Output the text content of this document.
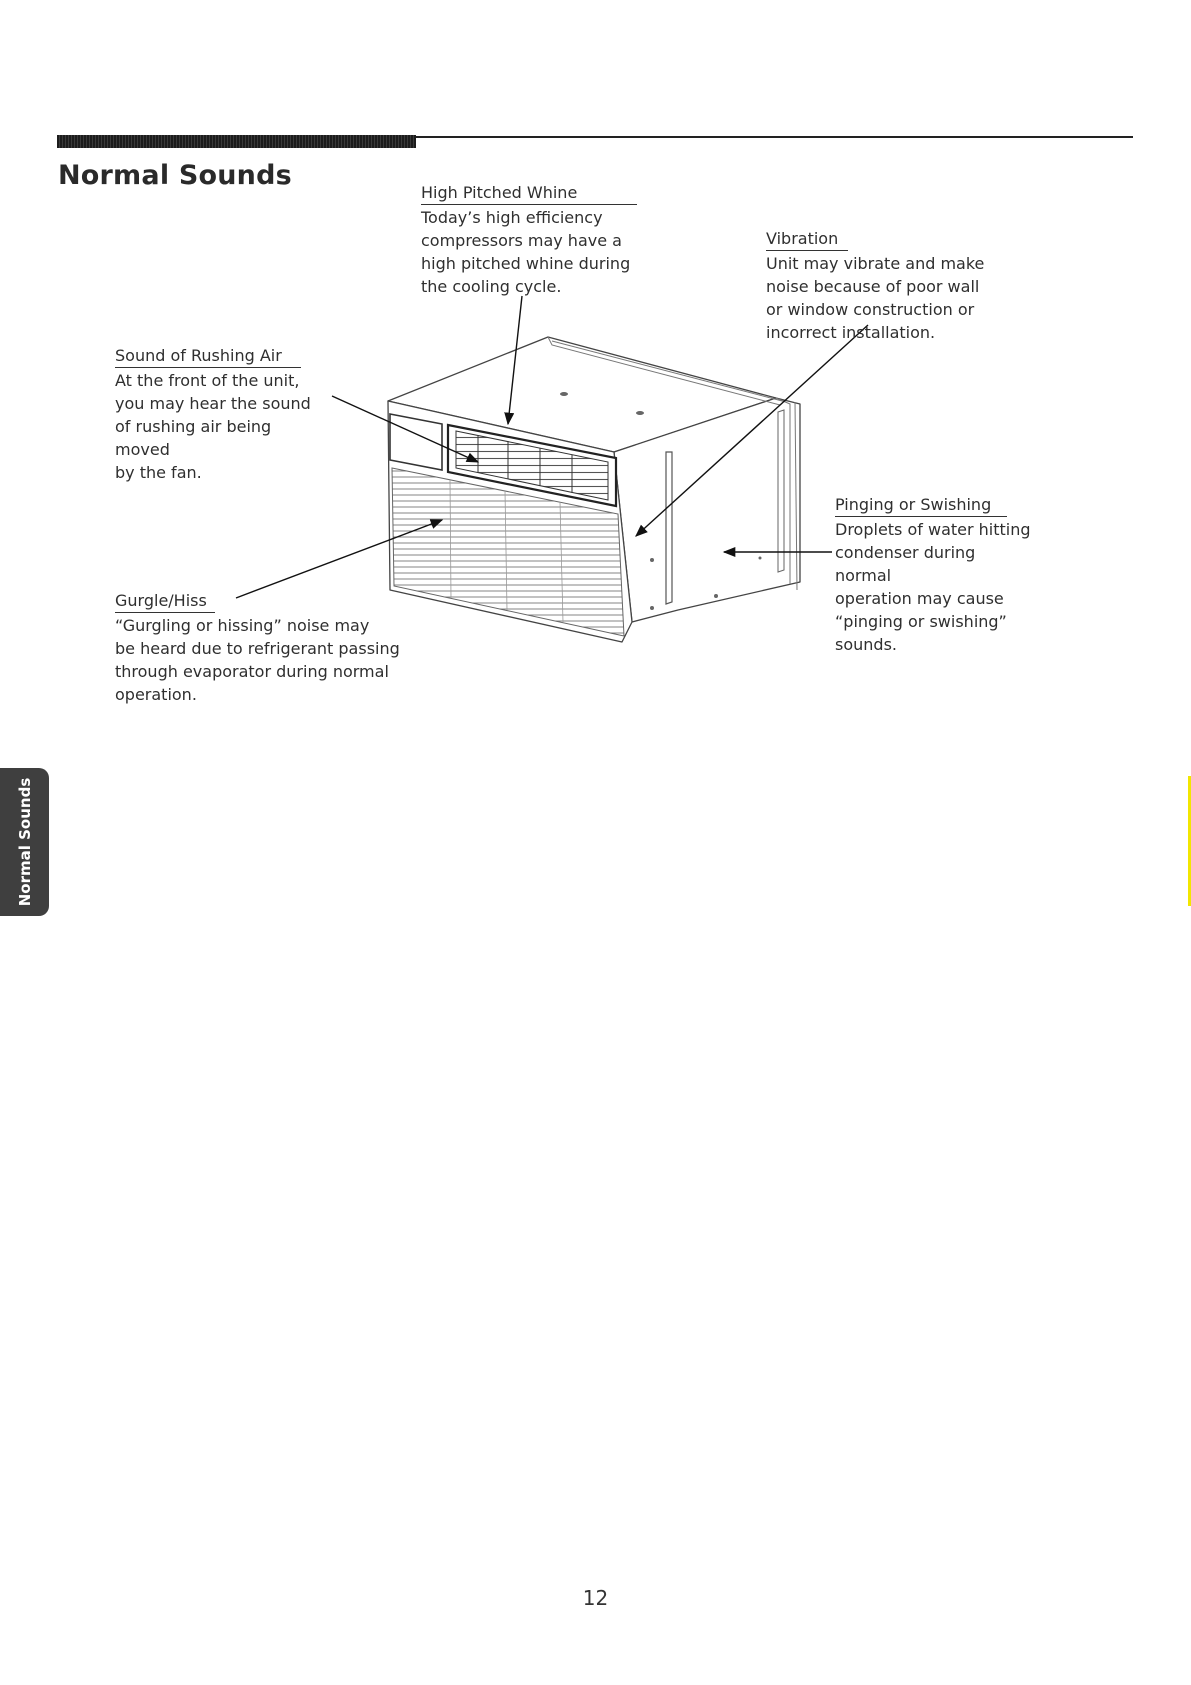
Normal Sounds
High Pitched Whine
Today’s high efficiency
compressors may have a
high pitched whine during
the cooling cycle.
Vibration
Unit may vibrate and make
noise because of poor wall
or window construction or
incorrect installation.
Sound of Rushing Air
At the front of the unit,
you may hear the sound
of rushing air being moved
by the fan.
Pinging or Swishing
Droplets of water hitting
condenser during normal
operation may cause
“pinging or swishing”
sounds.
Gurgle/Hiss
“Gurgling or hissing” noise may
be heard due to refrigerant passing
through evaporator during normal
operation.
Normal Sounds
12
